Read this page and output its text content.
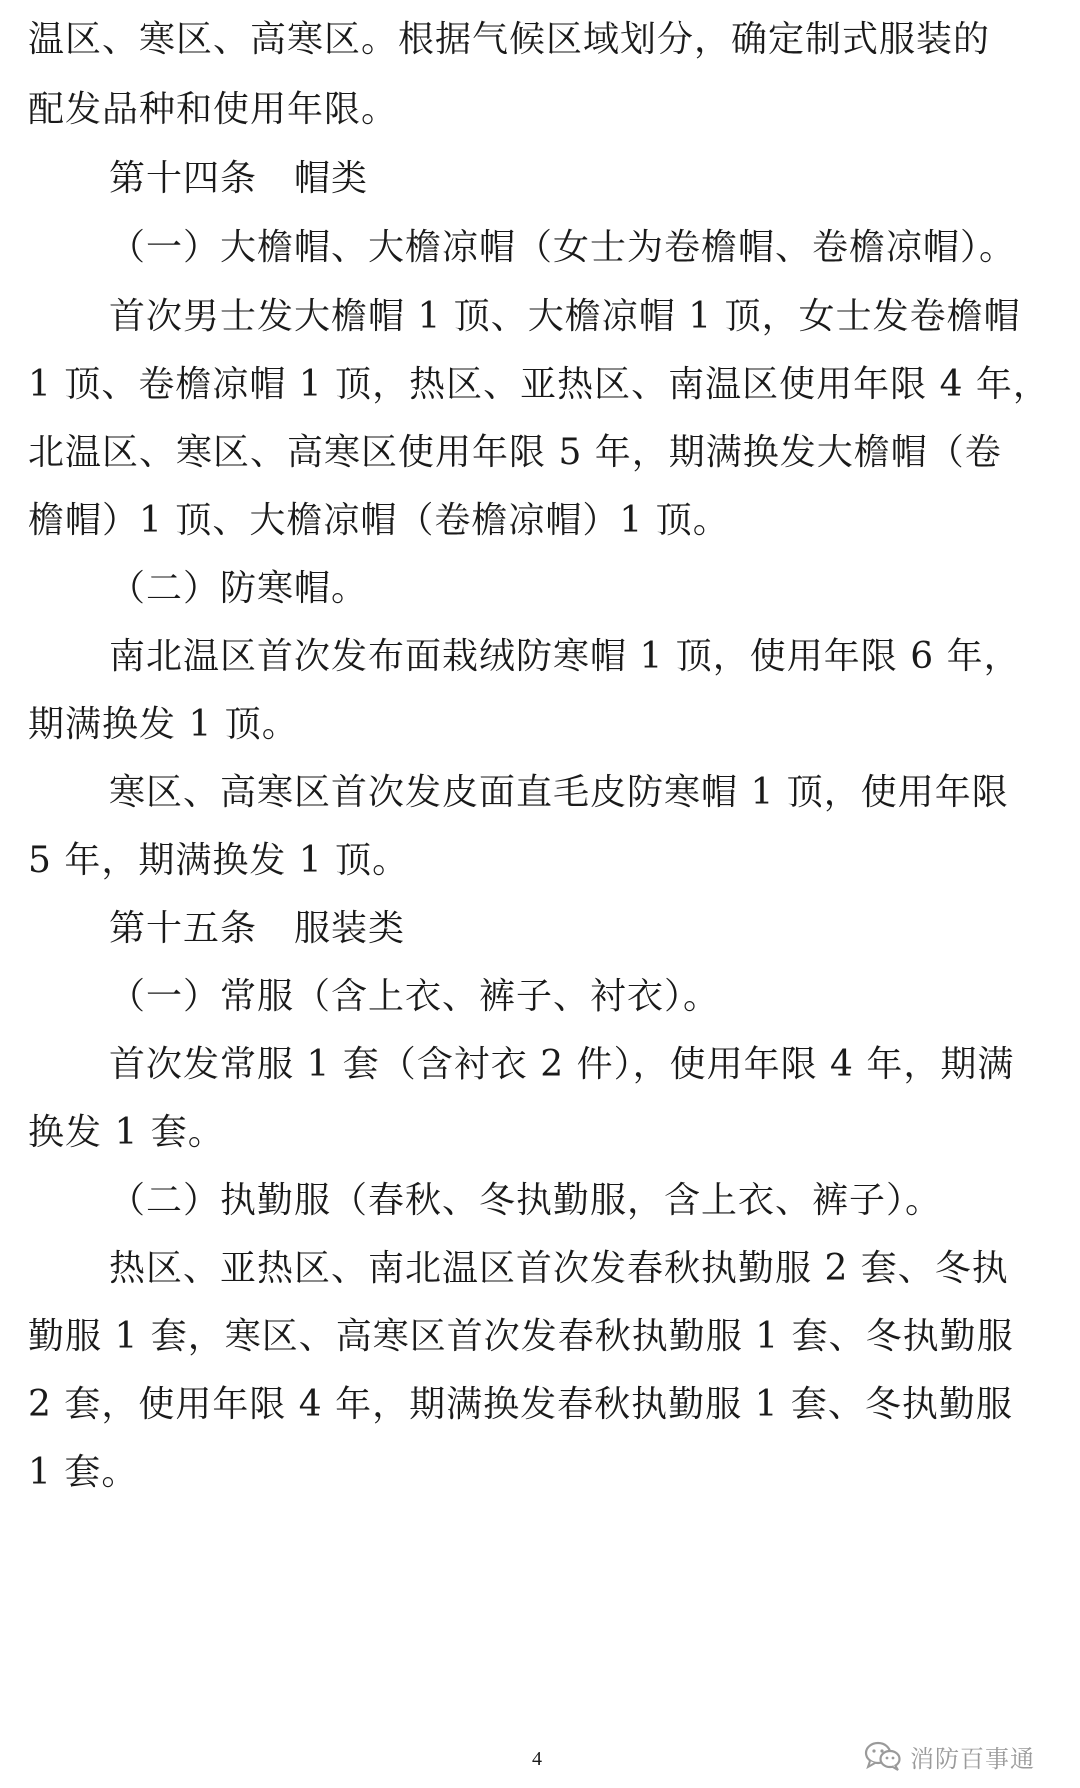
温区、寒区、高寒区。根据气候区域划分，确定制式服装的
配发品种和使用年限。
第十四条　帽类
（一）大檐帽、大檐凉帽（女士为卷檐帽、卷檐凉帽）。
首次男士发大檐帽 1 顶、大檐凉帽 1 顶，女士发卷檐帽
1 顶、卷檐凉帽 1 顶，热区、亚热区、南温区使用年限 4 年，
北温区、寒区、高寒区使用年限 5 年，期满换发大檐帽（卷
檐帽）1 顶、大檐凉帽（卷檐凉帽）1 顶。
（二）防寒帽。
南北温区首次发布面栽绒防寒帽 1 顶，使用年限 6 年，
期满换发 1 顶。
寒区、高寒区首次发皮面直毛皮防寒帽 1 顶，使用年限
5 年，期满换发 1 顶。
第十五条　服装类
（一）常服（含上衣、裤子、衬衣）。
首次发常服 1 套（含衬衣 2 件），使用年限 4 年，期满
换发 1 套。
（二）执勤服（春秋、冬执勤服，含上衣、裤子）。
热区、亚热区、南北温区首次发春秋执勤服 2 套、冬执
勤服 1 套，寒区、高寒区首次发春秋执勤服 1 套、冬执勤服
2 套，使用年限 4 年，期满换发春秋执勤服 1 套、冬执勤服
1 套。
4	消防百事通
